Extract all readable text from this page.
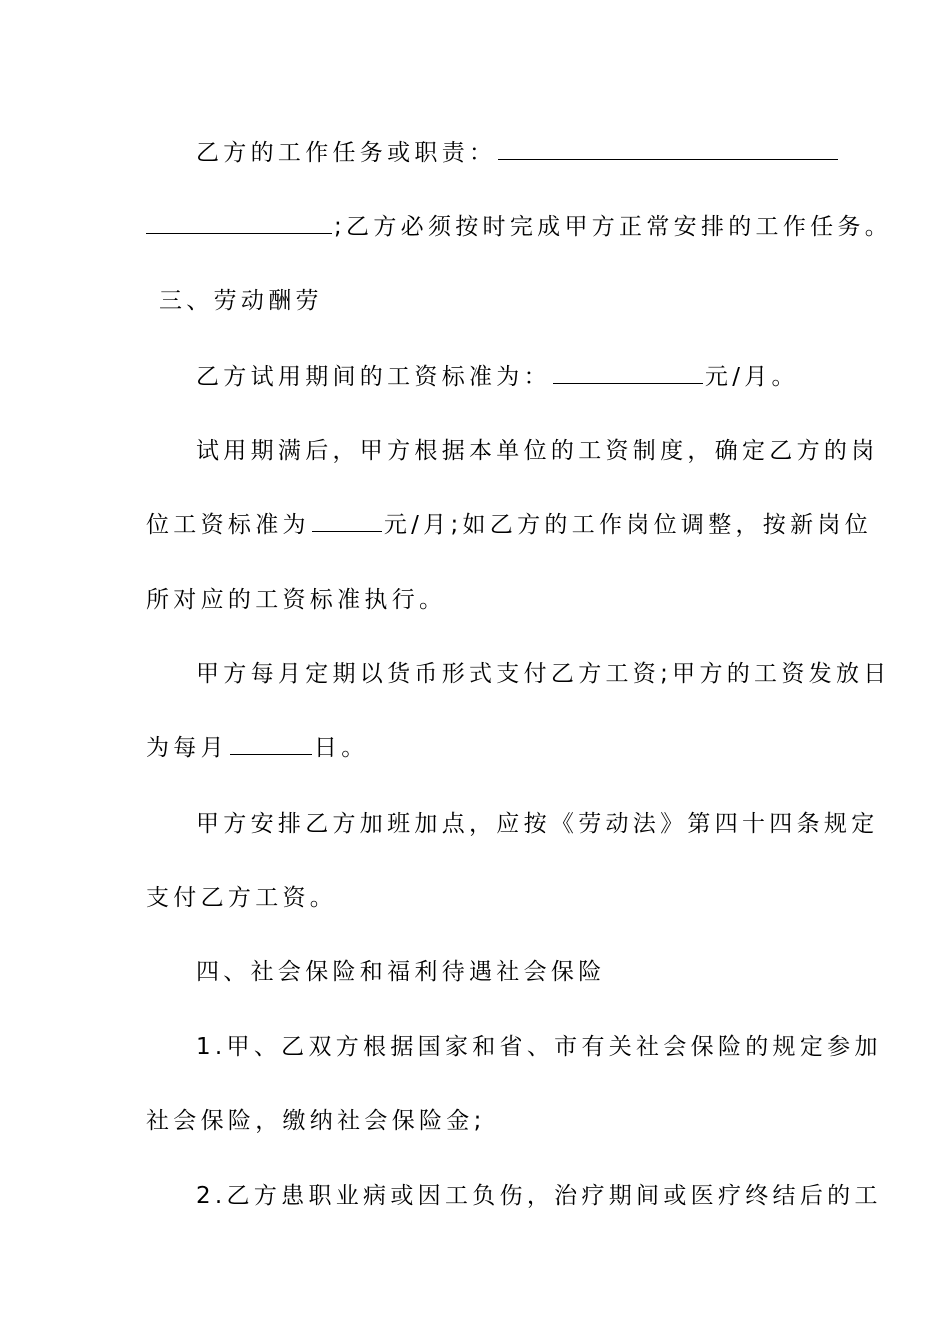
乙方的工作任务或职责：
;乙方必须按时完成甲方正常安排的工作任务。
三、劳动酬劳
乙方试用期间的工资标准为：	元/月。
试用期满后，甲方根据本单位的工资制度，确定乙方的岗
位工资标准为	元/月;如乙方的工作岗位调整，按新岗位
所对应的工资标准执行。
甲方每月定期以货币形式支付乙方工资;甲方的工资发放日
为每月	日。
甲方安排乙方加班加点，应按《劳动法》第四十四条规定
支付乙方工资。
四、社会保险和福利待遇社会保险
1.甲、乙双方根据国家和省、市有关社会保险的规定参加
社会保险，缴纳社会保险金;
2.乙方患职业病或因工负伤，治疗期间或医疗终结后的工
